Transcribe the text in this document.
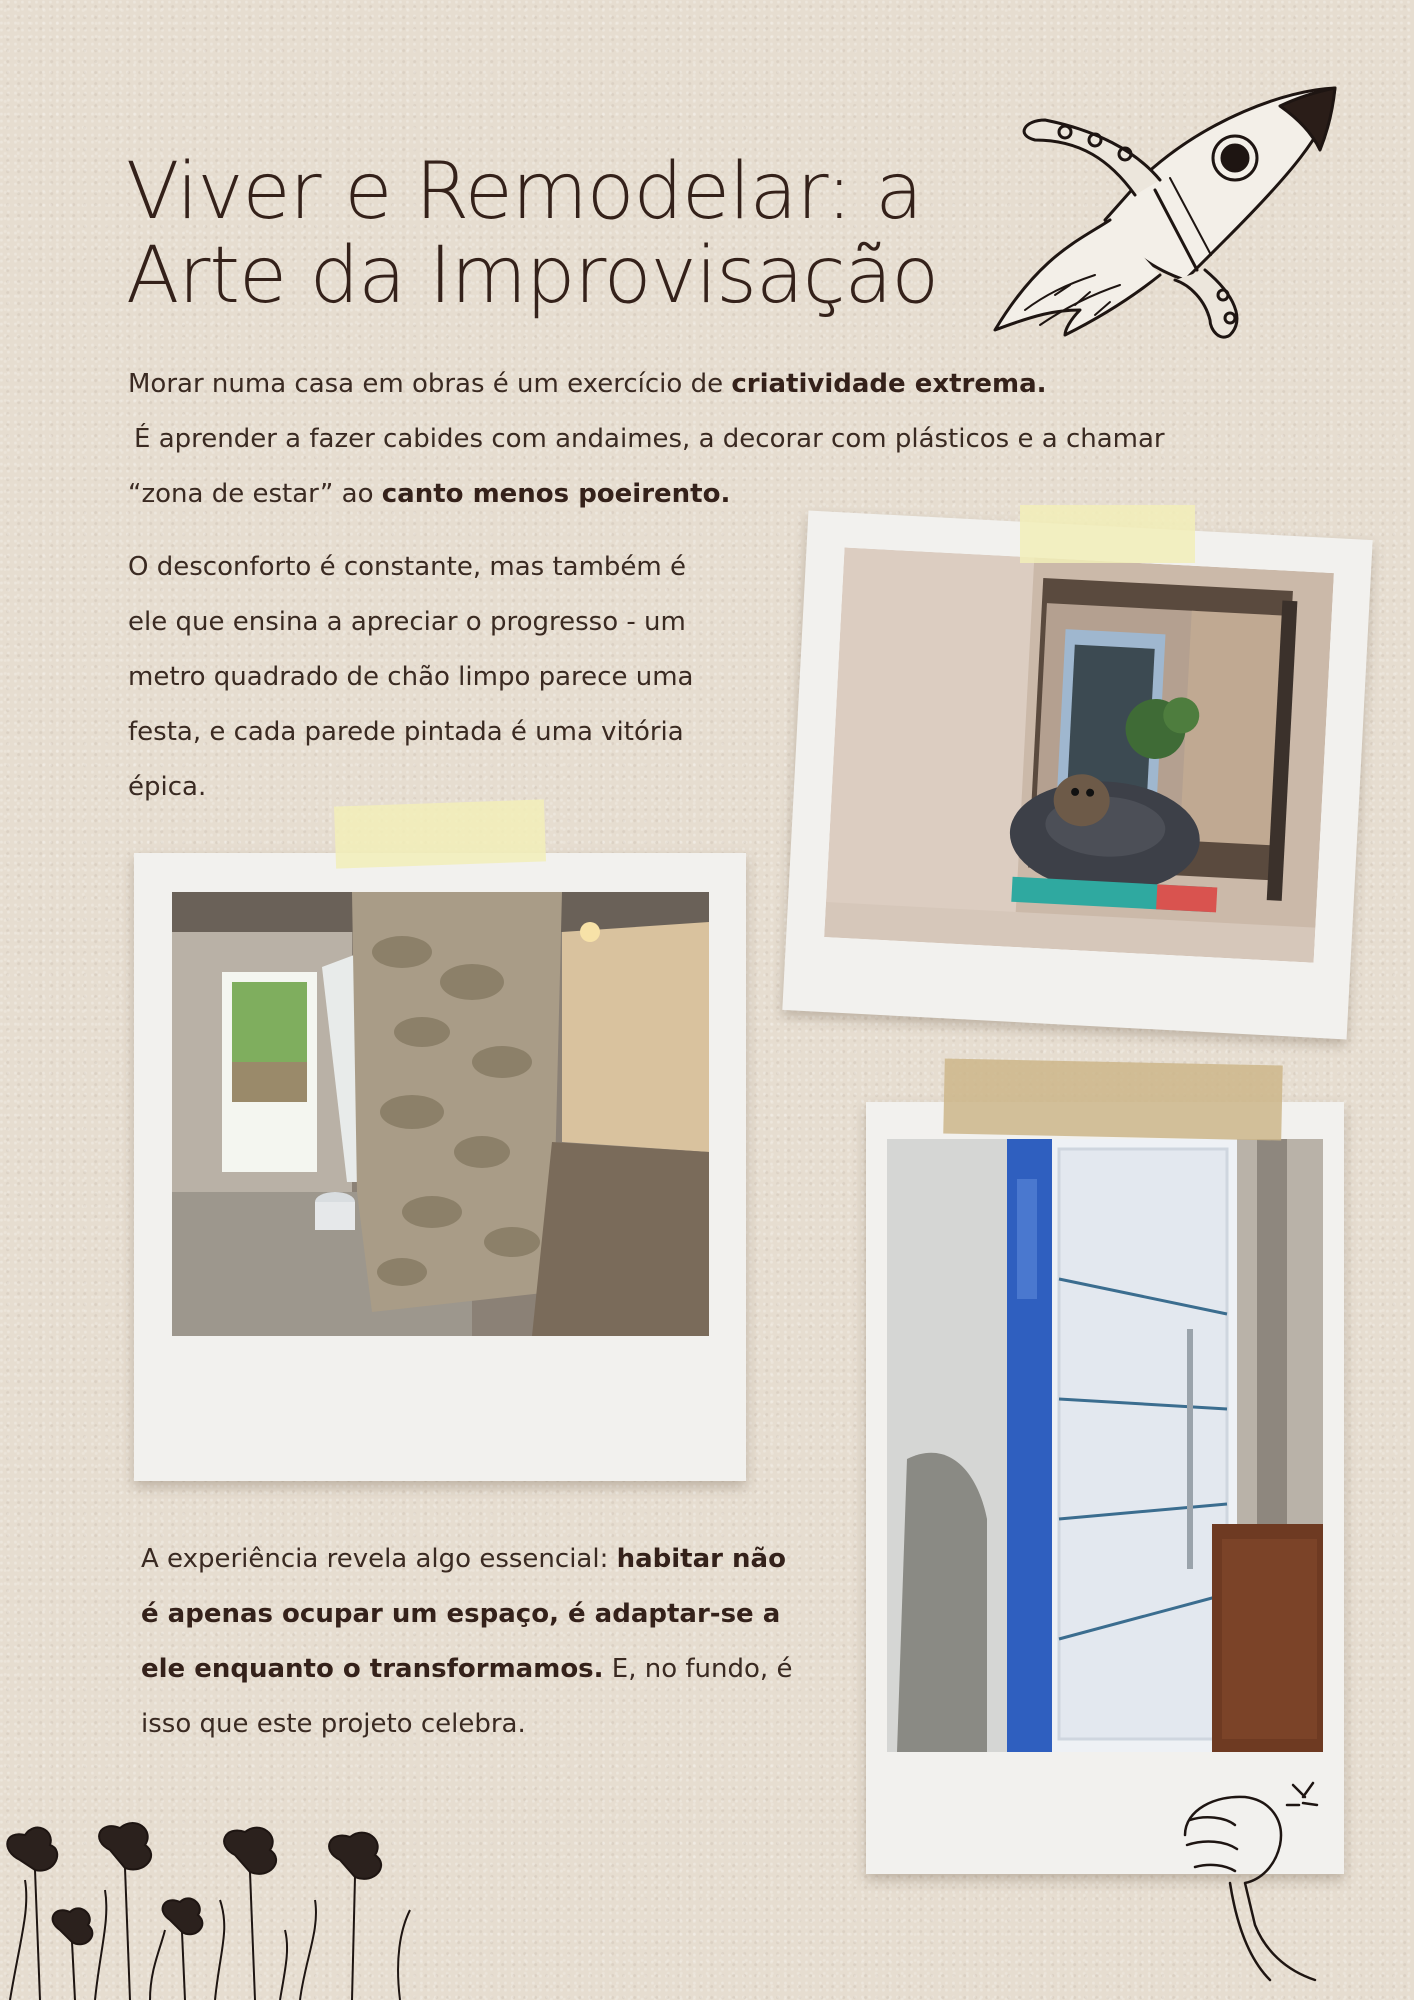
Viver e Remodelar: a
Arte da Improvisação
Morar numa casa em obras é um exercício de criatividade extrema.
É aprender a fazer cabides com andaimes, a decorar com plásticos e a chamar
“zona de estar” ao canto menos poeirento.
O desconforto é constante, mas também é
ele que ensina a apreciar o progresso - um
metro quadrado de chão limpo parece uma
festa, e cada parede pintada é uma vitória
épica.
A experiência revela algo essencial: habitar não
é apenas ocupar um espaço, é adaptar-se a
ele enquanto o transformamos. E, no fundo, é
isso que este projeto celebra.
